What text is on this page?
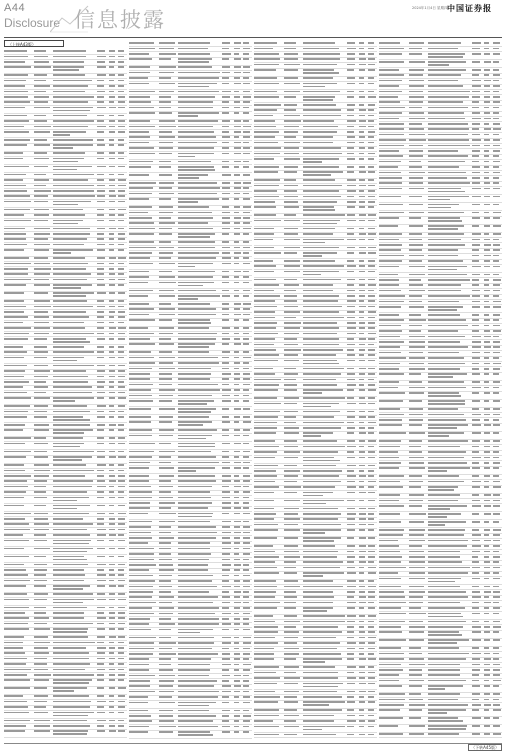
A44
Disclosure 信息披露	2024年1月4日 星期四 中国证券报
（上接A43版）
（下转A45版）
